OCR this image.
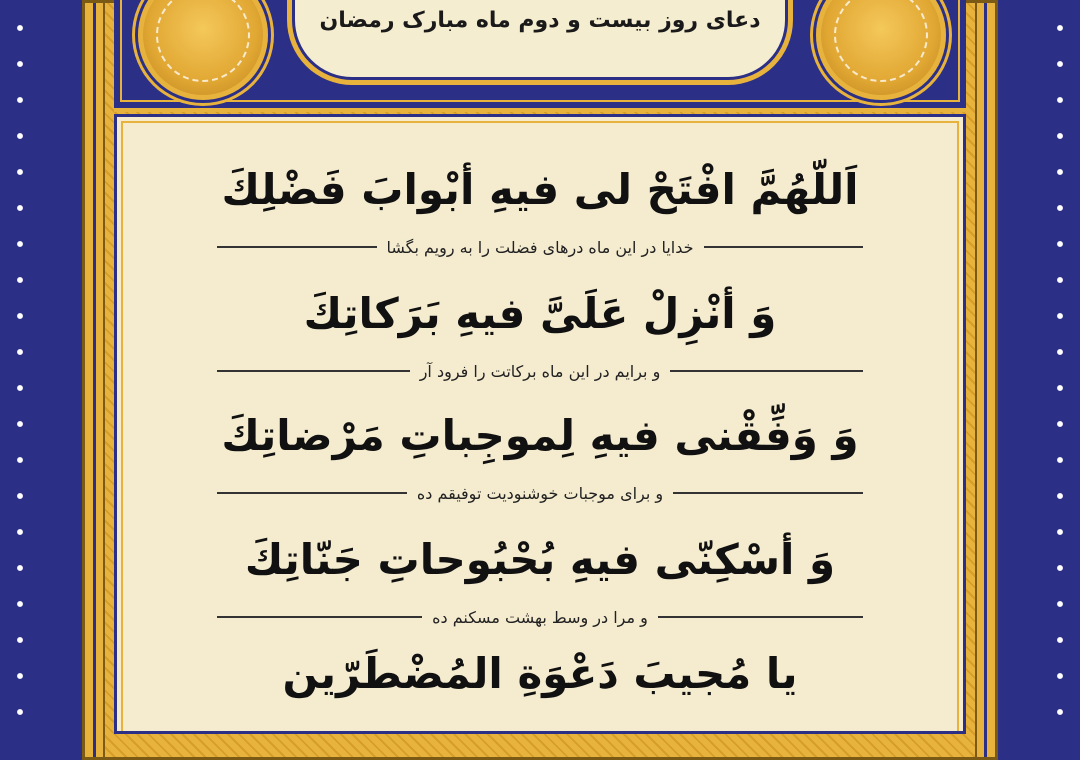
دعای روز بیست و دوم ماه مبارک رمضان
اَللّهُمَّ افْتَحْ لی فیهِ أبْوابَ فَضْلِكَ
خدایا در این ماه درهای فضلت را به رویم بگشا
وَ أنْزِلْ عَلَیَّ فیهِ بَرَکاتِكَ
و برایم در این ماه برکاتت را فرود آر
وَ وَفِّقْنی فیهِ لِموجِباتِ مَرْضاتِكَ
و برای موجبات خوشنودیت توفیقم ده
وَ أسْکِنّی فیهِ بُحْبُوحاتِ جَنّاتِكَ
و مرا در وسط بهشت مسکنم ده
یا مُجیبَ دَعْوَةِ المُضْطَرّین
